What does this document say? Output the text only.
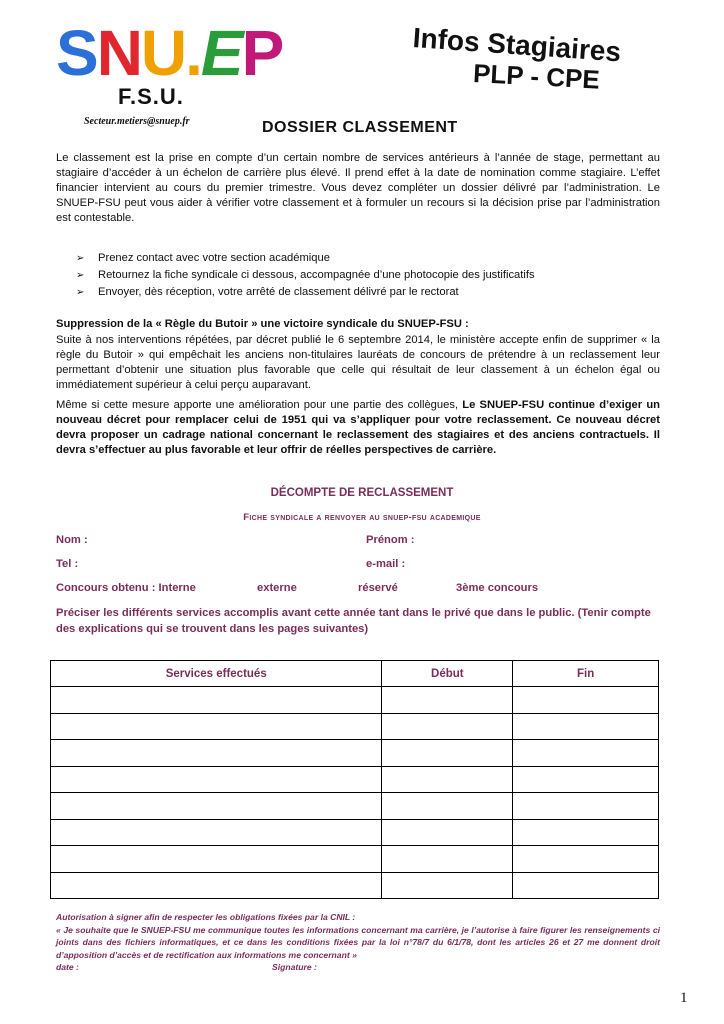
SNU.EP
F.S.U.
Secteur.metiers@snuep.fr
Infos Stagiaires
PLP - CPE
DOSSIER CLASSEMENT
Le classement est la prise en compte d’un certain nombre de services antérieurs à l’année de stage, permettant au stagiaire d’accéder à un échelon de carrière plus élevé. Il prend effet à la date de nomination comme stagiaire. L’effet financier intervient au cours du premier trimestre. Vous devez compléter un dossier délivré par l’administration. Le SNUEP-FSU peut vous aider à vérifier votre classement et à formuler un recours si la décision prise par l’administration est contestable.
➢	Prenez contact avec votre section académique
➢	Retournez la fiche syndicale ci dessous, accompagnée d’une photocopie des justificatifs
➢	Envoyer, dès réception, votre arrêté de classement délivré par le rectorat
Suppression de la « Règle du Butoir » une victoire syndicale du SNUEP-FSU :
Suite à nos interventions répétées, par décret publié le 6 septembre 2014, le ministère accepte enfin de supprimer « la règle du Butoir » qui empêchait les anciens non-titulaires lauréats de concours de prétendre à un reclassement leur permettant d’obtenir une situation plus favorable que celle qui résultait de leur classement à un échelon égal ou immédiatement supérieur à celui perçu auparavant.
Même si cette mesure apporte une amélioration pour une partie des collègues, Le SNUEP-FSU continue d’exiger un nouveau décret pour remplacer celui de 1951 qui va s’appliquer pour votre reclassement. Ce nouveau décret devra proposer un cadrage national concernant le reclassement des stagiaires et des anciens contractuels. Il devra s’effectuer au plus favorable et leur offrir de réelles perspectives de carrière.
DÉCOMPTE DE RECLASSEMENT
Fiche syndicale a renvoyer au snuep-fsu academique
Nom :	Prénom :
Tel :	e-mail :
Concours obtenu : Interne	externe	réservé	3ème concours
Préciser les différents services accomplis avant cette année tant dans le privé que dans le public. (Tenir compte des explications qui se trouvent dans les pages suivantes)
Services effectués	Début	Fin

Autorisation à signer afin de respecter les obligations fixées par la CNIL :
« Je souhaite que le SNUEP-FSU me communique toutes les informations concernant ma carrière, je l’autorise à faire figurer les renseignements ci joints dans des fichiers informatiques, et ce dans les conditions fixées par la loi n°78/7 du 6/1/78, dont les articles 26 et 27 me donnent droit d’apposition d’accès et de rectification aux informations me concernant »
date :	Signature :
1
